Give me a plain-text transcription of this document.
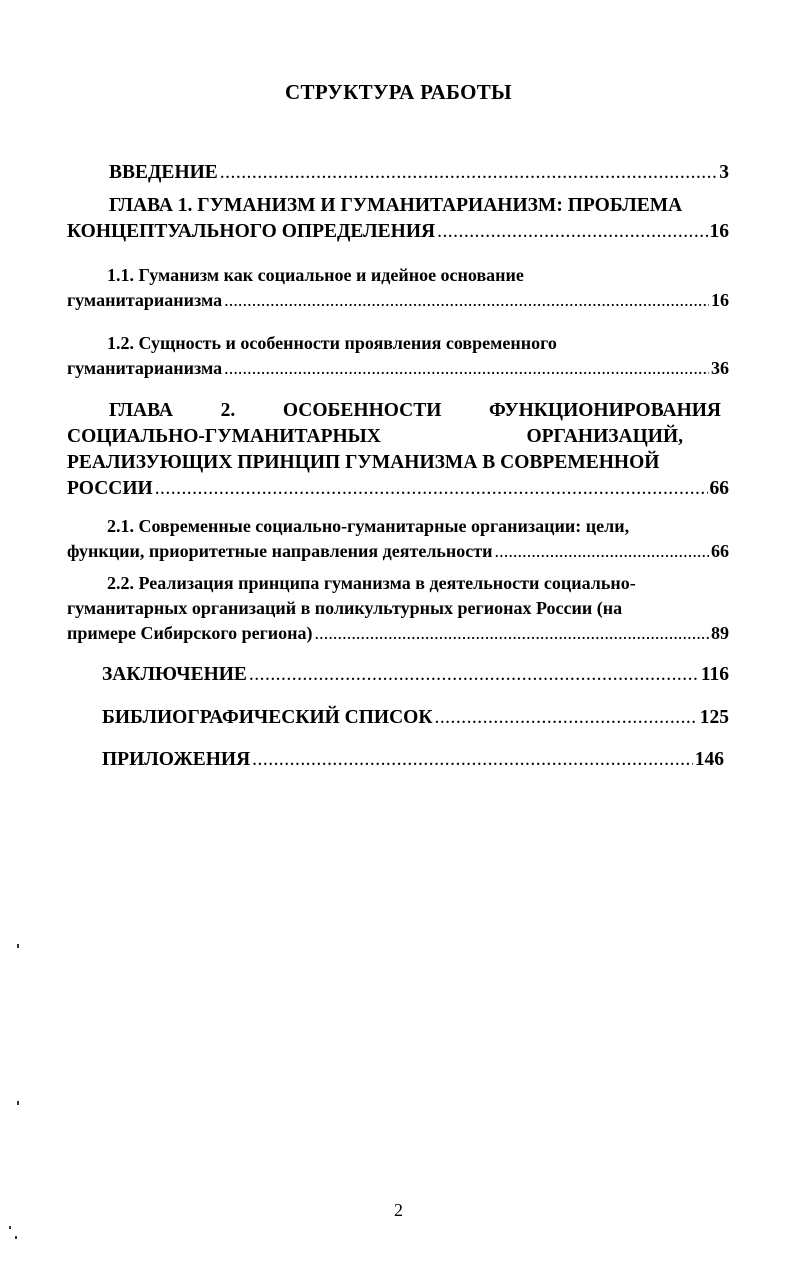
СТРУКТУРА РАБОТЫ
ВВЕДЕНИЕ . . .	3
ГЛАВА 1. ГУМАНИЗМ И ГУМАНИТАРИАНИЗМ: ПРОБЛЕМА
КОНЦЕПТУАЛЬНОГО ОПРЕДЕЛЕНИЯ . . .	16
1.1. Гуманизм как социальное и идейное основание
гуманитарианизма . . .	16
1.2. Сущность и особенности проявления современного
гуманитарианизма . . .	36
ГЛАВА 2. ОСОБЕННОСТИ ФУНКЦИОНИРОВАНИЯ
СОЦИАЛЬНО-ГУМАНИТАРНЫХ ОРГАНИЗАЦИЙ,
РЕАЛИЗУЮЩИХ ПРИНЦИП ГУМАНИЗМА В СОВРЕМЕННОЙ
РОССИИ . . .	66
2.1. Современные социально-гуманитарные организации: цели,
функции, приоритетные направления деятельности . . .	66
2.2. Реализация принципа гуманизма в деятельности социально-
гуманитарных организаций в поликультурных регионах России (на
примере Сибирского региона) . . .	89
ЗАКЛЮЧЕНИЕ . . .	116
БИБЛИОГРАФИЧЕСКИЙ СПИСОК . . .	125
ПРИЛОЖЕНИЯ . . .	146
2
